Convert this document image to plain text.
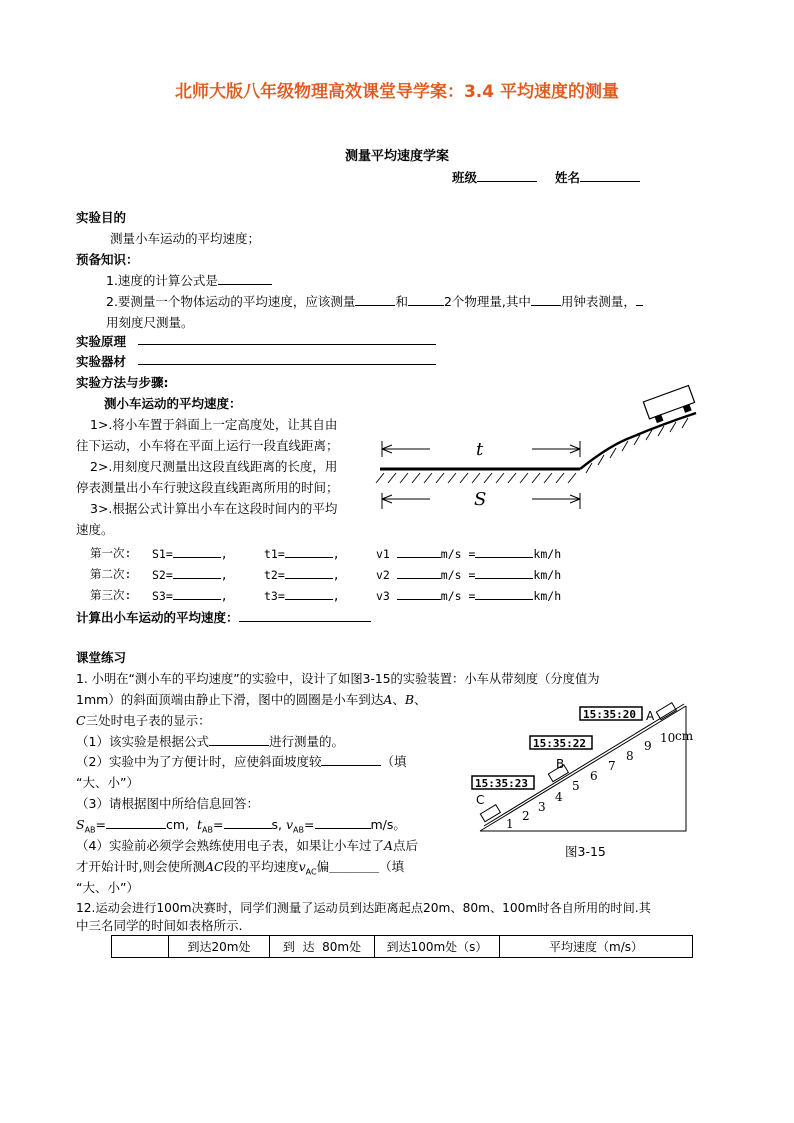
北师大版八年级物理高效课堂导学案：3.4 平均速度的测量
测量平均速度学案
班级	姓名
实验目的
测量小车运动的平均速度；
预备知识：
1.速度的计算公式是
2.要测量一个物体运动的平均速度，应该测量	和	2个物理量,其中 用钟表测量，
用刻度尺测量。
实验原理
实验器材
实验方法与步骤:
测小车运动的平均速度：
1>.将小车置于斜面上一定高度处，让其自由
往下运动，小车将在平面上运行一段直线距离；
2>.用刻度尺测量出这段直线距离的长度，用
停表测量出小车行驶这段直线距离所用的时间；
3>.根据公式计算出小车在这段时间内的平均
速度。
t
S
第一次: S1=	,	t1=	,	v1	m/s =	km/h
第二次: S2=	,	t2=	,	v2	m/s =	km/h
第三次: S3=	,	t3=	,	v3	m/s =	km/h
计算出小车运动的平均速度：
课堂练习
1. 小明在“测小车的平均速度”的实验中，设计了如图3-15的实验装置：小车从带刻度（分度值为
1mm）的斜面顶端由静止下滑，图中的圆圈是小车到达A、B、
C三处时电子表的显示：
（1）该实验是根据公式	进行测量的。
（2）实验中为了方便计时，应使斜面坡度较	（填
“大、小”）
（3）请根据图中所给信息回答：
$S_{AB}=$	cm, $t_{AB}=$	s, $v_{AB}=$	m/s。
（4）实验前必须学会熟练使用电子表，如果让小车过了A点后
才开始计时,则会使所测AC段的平均速度$v_{AC}$偏＿＿＿＿（填
“大、小”）
12.运动会进行100m决赛时，同学们测量了运动员到达距离起点20m、80m、100m时各自所用的时间.其
中三名同学的时间如表格所示.
15:35:20
15:35:22
15:35:23
A
B
C
1
2
3
4
5
6
7
8
9
10 cm
图3-15
	到达20m处	到  达  80m处	到达100m处（s）	平均速度（m/s）
